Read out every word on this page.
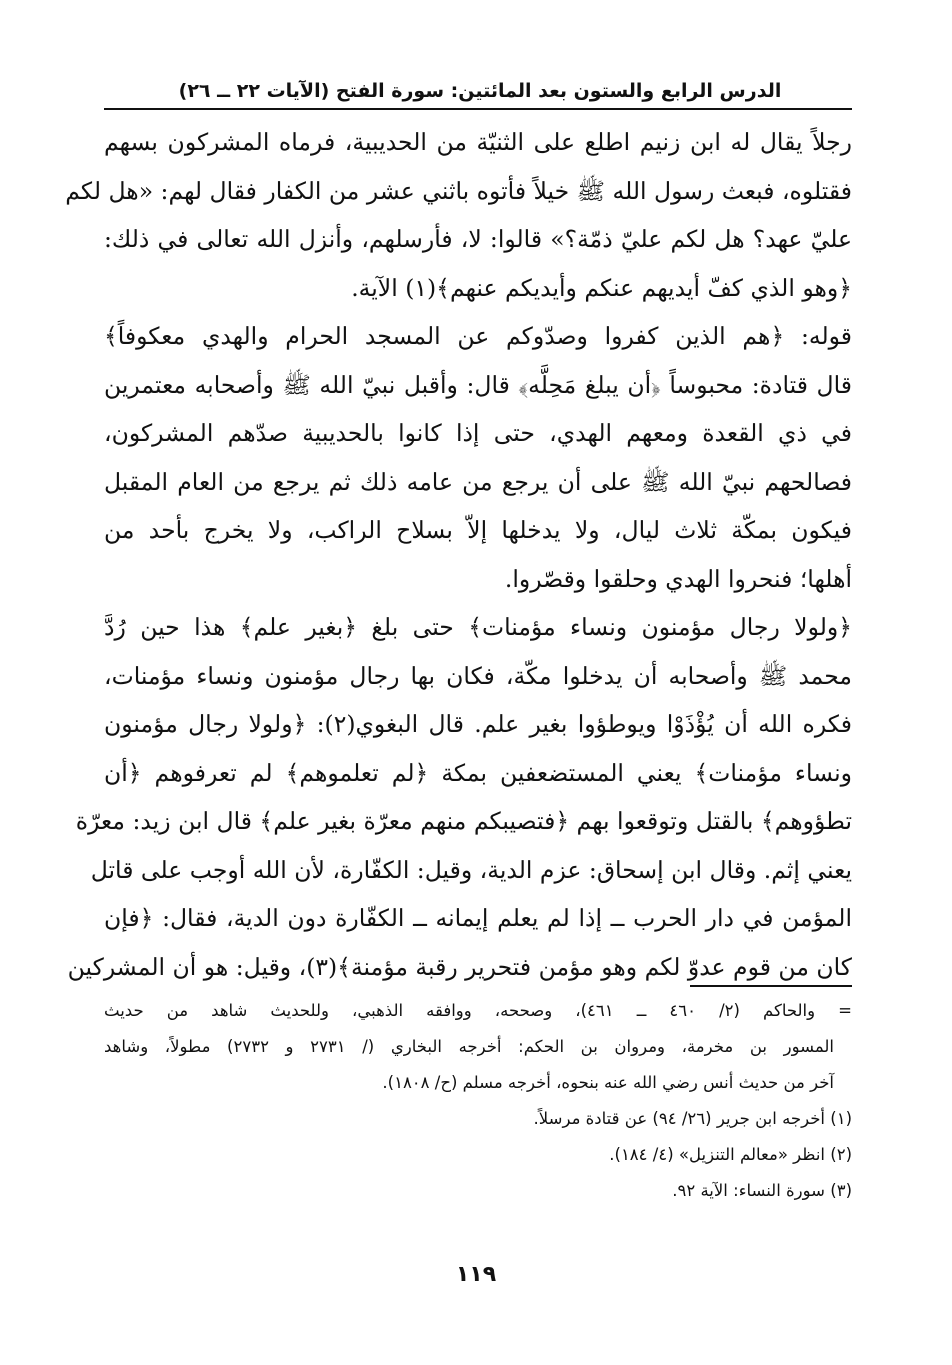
الدرس الرابع والستون بعد المائتين: سورة الفتح (الآيات ٢٢ ــ ٢٦)
رجلاً يقال له ابن زنيم اطلع على الثنيّة من الحديبية، فرماه المشركون بسهم
فقتلوه، فبعث رسول الله ﷺ خيلاً فأتوه باثني عشر من الكفار فقال لهم: «هل لكم
عليّ عهد؟ هل لكم عليّ ذمّة؟» قالوا: لا، فأرسلهم، وأنزل الله تعالى في ذلك:
﴿وهو الذي كفّ أيديهم عنكم وأيديكم عنهم﴾(١) الآية.
قوله: ﴿هم الذين كفروا وصدّوكم عن المسجد الحرام والهدي معكوفاً﴾
قال قتادة: محبوساً ﴿أن يبلغ مَحِلَّه﴾ قال: وأقبل نبيّ الله ﷺ وأصحابه معتمرين
في ذي القعدة ومعهم الهدي، حتى إذا كانوا بالحديبية صدّهم المشركون،
فصالحهم نبيّ الله ﷺ على أن يرجع من عامه ذلك ثم يرجع من العام المقبل
فيكون بمكّة ثلاث ليال، ولا يدخلها إلاّ بسلاح الراكب، ولا يخرج بأحد من
أهلها؛ فنحروا الهدي وحلقوا وقصّروا.
﴿ولولا رجال مؤمنون ونساء مؤمنات﴾ حتى بلغ ﴿بغير علم﴾ هذا حين رُدَّ
محمد ﷺ وأصحابه أن يدخلوا مكّة، فكان بها رجال مؤمنون ونساء مؤمنات،
فكره الله أن يُؤْذَوْا ويوطؤوا بغير علم. قال البغوي(٢): ﴿ولولا رجال مؤمنون
ونساء مؤمنات﴾ يعني المستضعفين بمكة ﴿لم تعلموهم﴾ لم تعرفوهم ﴿أن
تطؤوهم﴾ بالقتل وتوقعوا بهم ﴿فتصيبكم منهم معرّة بغير علم﴾ قال ابن زيد: معرّة
يعني إثم. وقال ابن إسحاق: عزم الدية، وقيل: الكفّارة، لأن الله أوجب على قاتل
المؤمن في دار الحرب ــ إذا لم يعلم إيمانه ــ الكفّارة دون الدية، فقال: ﴿فإن
كان من قوم عدوّ لكم وهو مؤمن فتحرير رقبة مؤمنة﴾(٣)، وقيل: هو أن المشركين
= والحاكم (٢/ ٤٦٠ ــ ٤٦١)، وصححه، ووافقه الذهبي، وللحديث شاهد من حديث
المسور بن مخرمة، ومروان بن الحكم: أخرجه البخاري (/ ٢٧٣١ و ٢٧٣٢) مطولاً، وشاهد
آخر من حديث أنس رضي الله عنه بنحوه، أخرجه مسلم (ح/ ١٨٠٨).
(١) أخرجه ابن جرير (٢٦/ ٩٤) عن قتادة مرسلاً.
(٢) انظر «معالم التنزيل» (٤/ ١٨٤).
(٣) سورة النساء: الآية ٩٢.
١١٩
